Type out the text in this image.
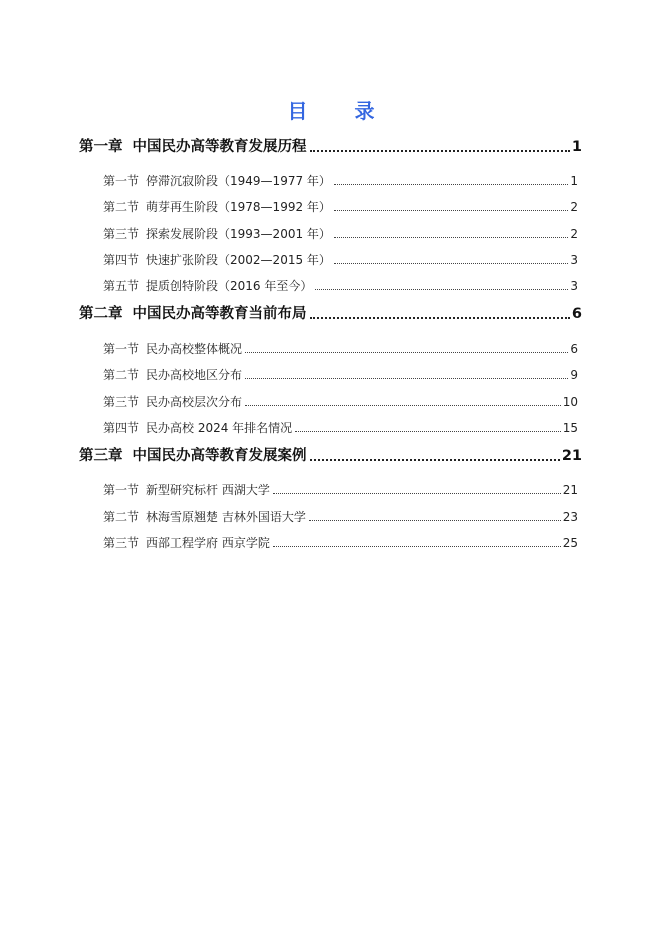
目 录
第一章 中国民办高等教育发展历程	1
第一节 停滞沉寂阶段（1949—1977 年）	1
第二节 萌芽再生阶段（1978—1992 年）	2
第三节 探索发展阶段（1993—2001 年）	2
第四节 快速扩张阶段（2002—2015 年）	3
第五节 提质创特阶段（2016 年至今）	3
第二章 中国民办高等教育当前布局	6
第一节 民办高校整体概况	6
第二节 民办高校地区分布	9
第三节 民办高校层次分布	10
第四节 民办高校 2024 年排名情况	15
第三章 中国民办高等教育发展案例	21
第一节 新型研究标杆 西湖大学	21
第二节 林海雪原翘楚 吉林外国语大学	23
第三节 西部工程学府 西京学院	25
